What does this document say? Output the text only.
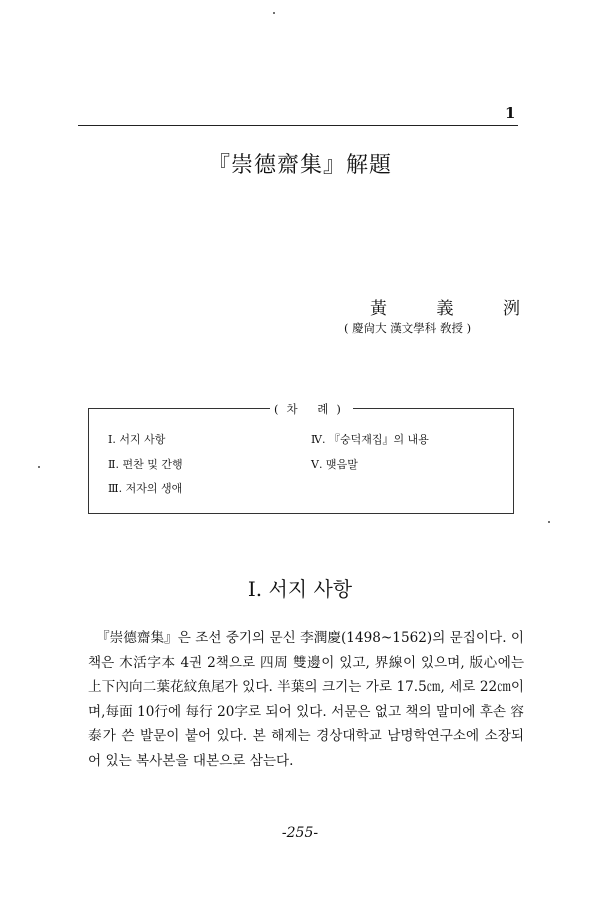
1
『崇德齋集』解題
黃	義	洌
( 慶尙大 漢文學科 敎授 )
(차 례)
Ⅰ. 서지 사항
Ⅱ. 편찬 및 간행
Ⅲ. 저자의 생애
Ⅳ. 『숭덕재집』의 내용
Ⅴ. 맺음말
Ⅰ. 서지 사항

『崇德齋集』은 조선 중기의 문신 李潤慶(1498~1562)의 문집이다. 이 책은 木活字本 4권 2책으로 四周 雙邊이 있고, 界線이 있으며, 版心에는 上下內向二葉花紋魚尾가 있다. 半葉의 크기는 가로 17.5㎝, 세로 22㎝이며,每面 10行에 每行 20字로 되어 있다. 서문은 없고 책의 말미에 후손 容泰가 쓴 발문이 붙어 있다. 본 해제는 경상대학교 남명학연구소에 소장되어 있는 복사본을 대본으로 삼는다.

-255-
